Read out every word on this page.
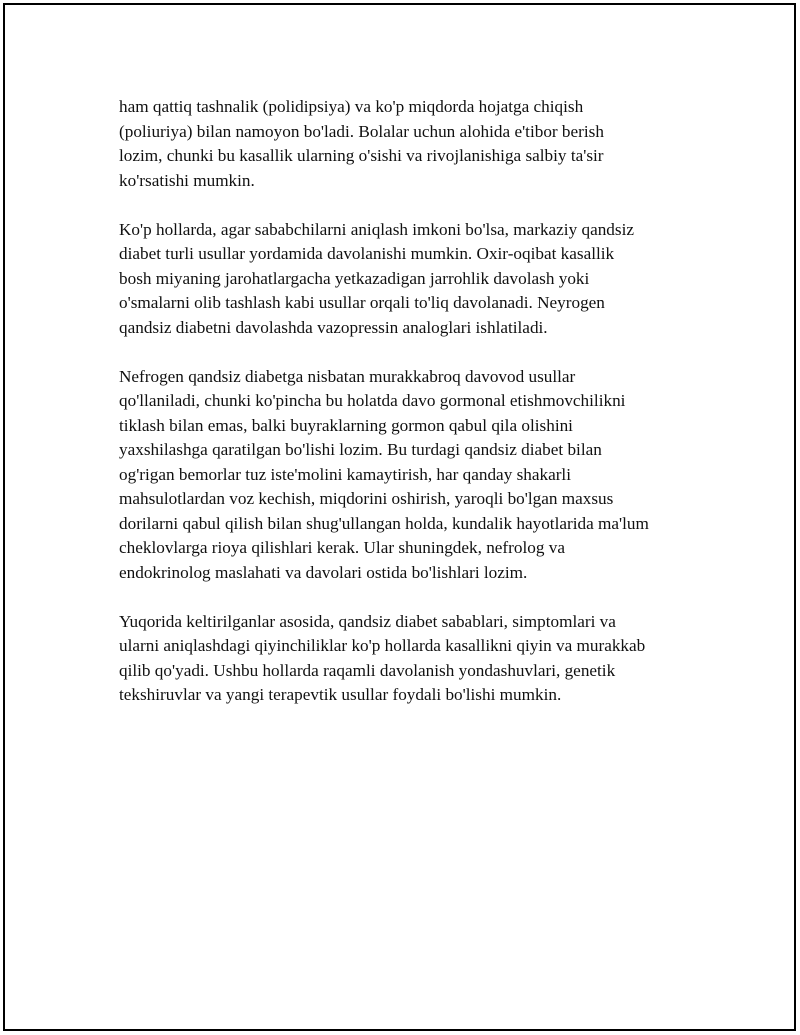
ham qattiq tashnalik (polidipsiya) va ko'p miqdorda hojatga chiqish
(poliuriya) bilan namoyon bo'ladi. Bolalar uchun alohida e'tibor berish
lozim, chunki bu kasallik ularning o'sishi va rivojlanishiga salbiy ta'sir
ko'rsatishi mumkin.

Ko'p hollarda, agar sababchilarni aniqlash imkoni bo'lsa, markaziy qandsiz
diabet turli usullar yordamida davolanishi mumkin. Oxir-oqibat kasallik
bosh miyaning jarohatlargacha yetkazadigan jarrohlik davolash yoki
o'smalarni olib tashlash kabi usullar orqali to'liq davolanadi. Neyrogen
qandsiz diabetni davolashda vazopressin analoglari ishlatiladi.

Nefrogen qandsiz diabetga nisbatan murakkabroq davovod usullar
qo'llaniladi, chunki ko'pincha bu holatda davo gormonal etishmovchilikni
tiklash bilan emas, balki buyraklarning gormon qabul qila olishini
yaxshilashga qaratilgan bo'lishi lozim. Bu turdagi qandsiz diabet bilan
og'rigan bemorlar tuz iste'molini kamaytirish, har qanday shakarli
mahsulotlardan voz kechish, miqdorini oshirish, yaroqli bo'lgan maxsus
dorilarni qabul qilish bilan shug'ullangan holda, kundalik hayotlarida ma'lum
cheklovlarga rioya qilishlari kerak. Ular shuningdek, nefrolog va
endokrinolog maslahati va davolari ostida bo'lishlari lozim.

Yuqorida keltirilganlar asosida, qandsiz diabet sabablari, simptomlari va
ularni aniqlashdagi qiyinchiliklar ko'p hollarda kasallikni qiyin va murakkab
qilib qo'yadi. Ushbu hollarda raqamli davolanish yondashuvlari, genetik
tekshiruvlar va yangi terapevtik usullar foydali bo'lishi mumkin.
